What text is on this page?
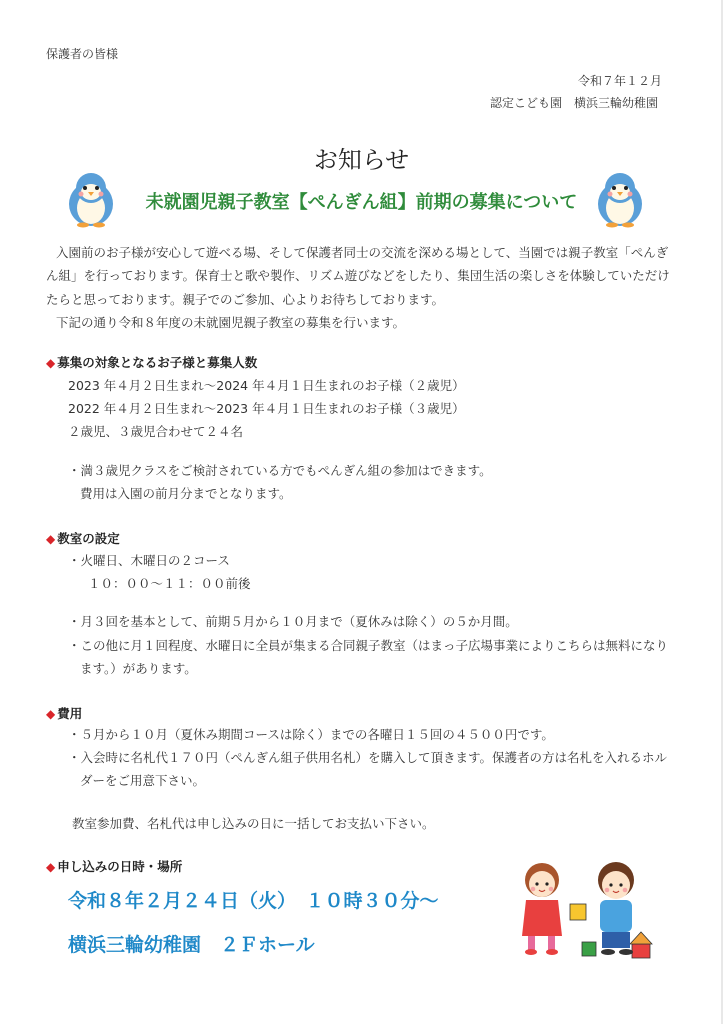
保護者の皆様
令和７年１２月
認定こども園　横浜三輪幼稚園
お知らせ
未就園児親子教室【ぺんぎん組】前期の募集について
入園前のお子様が安心して遊べる場、そして保護者同士の交流を深める場として、当園では親子教室「ぺんぎ
ん組」を行っております。保育士と歌や製作、リズム遊びなどをしたり、集団生活の楽しさを体験していただけ
たらと思っております。親子でのご参加、心よりお待ちしております。
下記の通り令和８年度の未就園児親子教室の募集を行います。
◆ 募集の対象となるお子様と募集人数
2023 年４月２日生まれ～2024 年４月１日生まれのお子様（２歳児）
2022 年４月２日生まれ～2023 年４月１日生まれのお子様（３歳児）
２歳児、３歳児合わせて２４名
・満３歳児クラスをご検討されている方でもぺんぎん組の参加はできます。
費用は入園の前月分までとなります。
◆ 教室の設定
・火曜日、木曜日の２コース
１０：００～１１：００前後
・月３回を基本として、前期５月から１０月まで（夏休みは除く）の５か月間。
・この他に月１回程度、水曜日に全員が集まる合同親子教室（はまっ子広場事業によりこちらは無料になり
ます。）があります。
◆ 費用
・５月から１０月（夏休み期間コースは除く）までの各曜日１５回の４５００円です。
・入会時に名札代１７０円（ぺんぎん組子供用名札）を購入して頂きます。保護者の方は名札を入れるホル
ダーをご用意下さい。
教室参加費、名札代は申し込みの日に一括してお支払い下さい。
◆ 申し込みの日時・場所
令和８年２月２４日（火）　１０時３０分～
横浜三輪幼稚園　２Ｆホール
